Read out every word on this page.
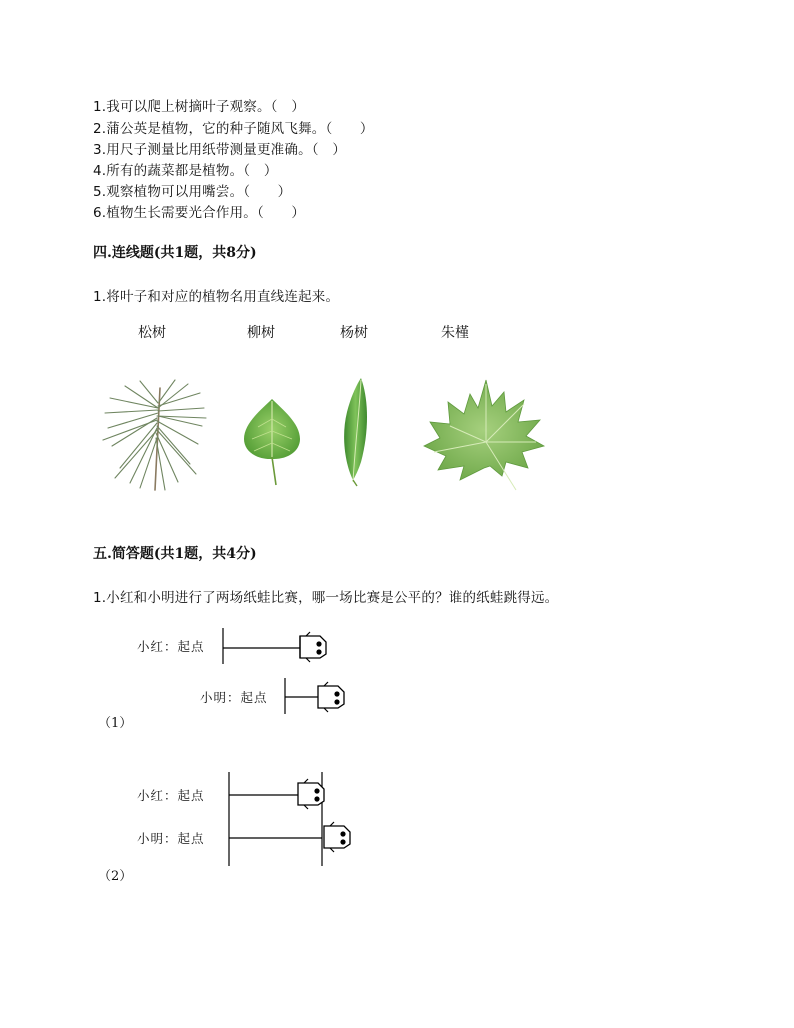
1.我可以爬上树摘叶子观察。（　）
2.蒲公英是植物，它的种子随风飞舞。（　　）
3.用尺子测量比用纸带测量更准确。（　）
4.所有的蔬菜都是植物。（　）
5.观察植物可以用嘴尝。（　　）
6.植物生长需要光合作用。（　　）
四.连线题(共1题，共8分)
1.将叶子和对应的植物名用直线连起来。
松树	柳树	杨树	朱槿
五.简答题(共1题，共4分)
1.小红和小明进行了两场纸蛙比赛，哪一场比赛是公平的？谁的纸蛙跳得远。
小红：起点
小明：起点
（1）
小红：起点
小明：起点
（2）
